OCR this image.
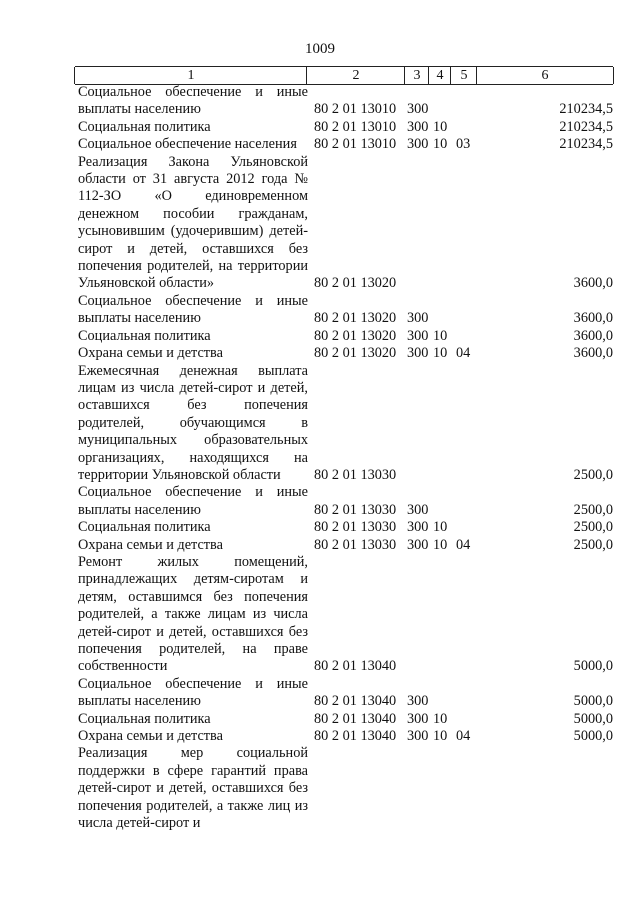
1009
1	2	3	4	5	6
Социальное обеспечение и иные выплаты населению	80 2 01 13010 300	210234,5
Социальная политика	80 2 01 13010 300 10	210234,5
Социальное обеспечение населения	80 2 01 13010 300 10 03	210234,5
Реализация Закона Ульяновской области от 31 августа 2012 года № 112-ЗО «О единовременном денежном пособии гражданам, усыновившим (удочерившим) детей-сирот и детей, оставшихся без попечения родителей, на территории Ульяновской области»	80 2 01 13020	3600,0
Социальное обеспечение и иные выплаты населению	80 2 01 13020 300	3600,0
Социальная политика	80 2 01 13020 300 10	3600,0
Охрана семьи и детства	80 2 01 13020 300 10 04	3600,0
Ежемесячная денежная выплата лицам из числа детей-сирот и детей, оставшихся без попечения родителей, обучающимся в муниципальных образовательных организациях, находящихся на территории Ульяновской области	80 2 01 13030	2500,0
Социальное обеспечение и иные выплаты населению	80 2 01 13030 300	2500,0
Социальная политика	80 2 01 13030 300 10	2500,0
Охрана семьи и детства	80 2 01 13030 300 10 04	2500,0
Ремонт жилых помещений, принадлежащих детям-сиротам и детям, оставшимся без попечения родителей, а также лицам из числа детей-сирот и детей, оставшихся без попечения родителей, на праве собственности	80 2 01 13040	5000,0
Социальное обеспечение и иные выплаты населению	80 2 01 13040 300	5000,0
Социальная политика	80 2 01 13040 300 10	5000,0
Охрана семьи и детства	80 2 01 13040 300 10 04	5000,0
Реализация мер социальной поддержки в сфере гарантий права детей-сирот и детей, оставшихся без попечения родителей, а также лиц из числа детей-сирот и
